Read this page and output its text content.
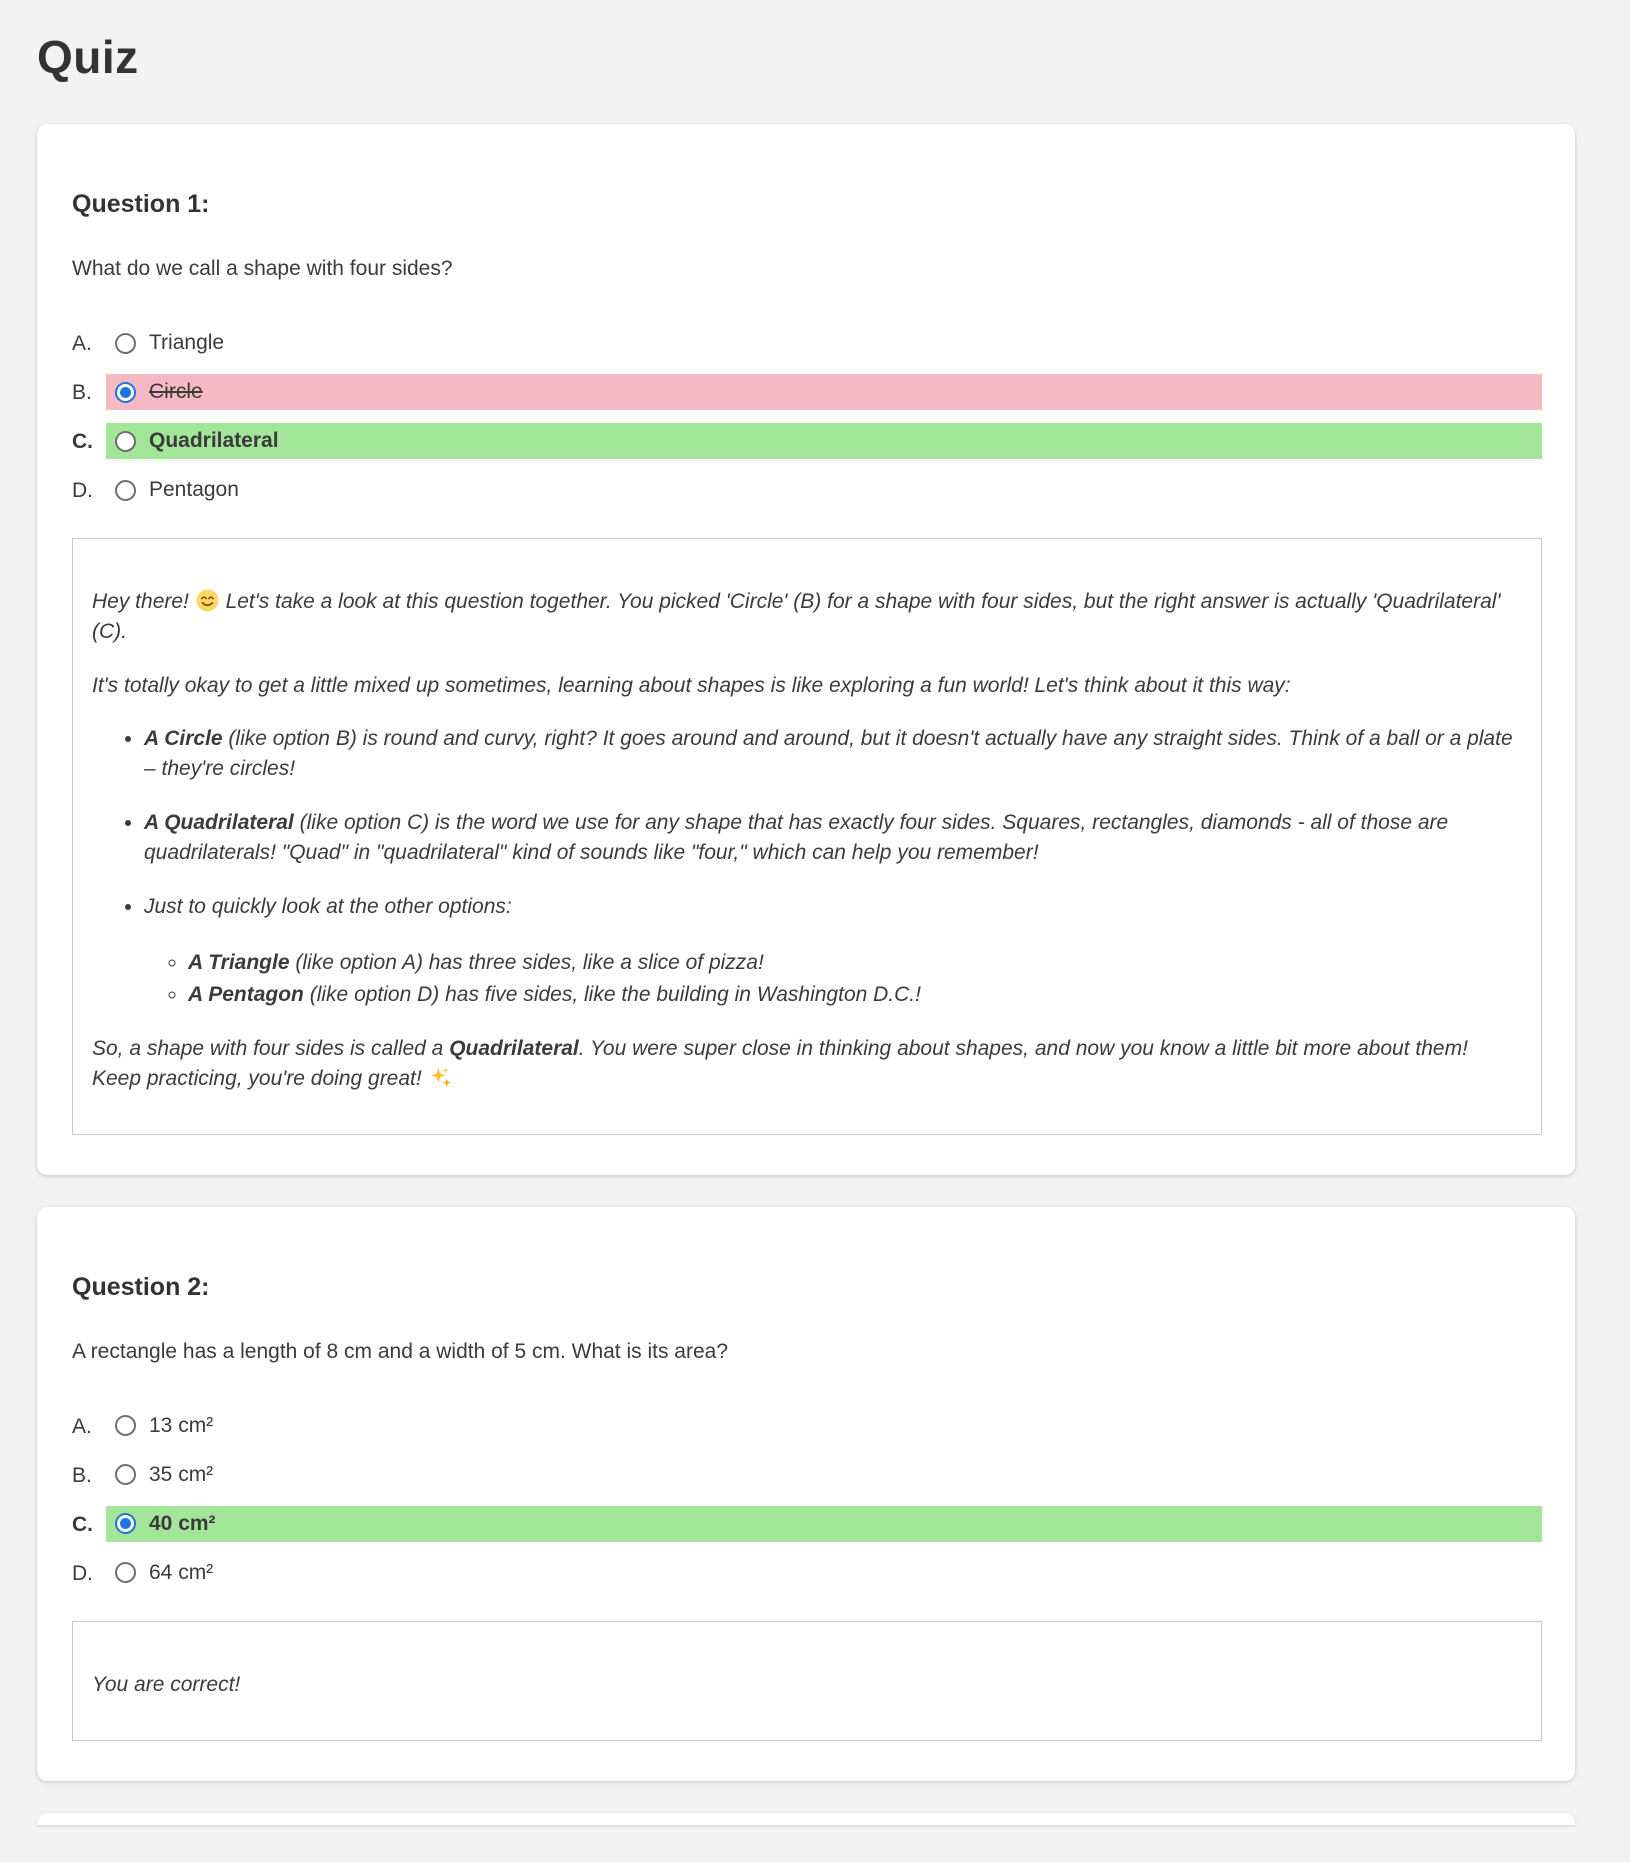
Quiz
Question 1:

What do we call a shape with four sides?

A.	Triangle
B.	Circle
C.	Quadrilateral
D.	Pentagon

Hey there! Let's take a look at this question together. You picked 'Circle' (B) for a shape with four sides, but the right answer is actually 'Quadrilateral' (C).

It's totally okay to get a little mixed up sometimes, learning about shapes is like exploring a fun world! Let's think about it this way:

• A Circle (like option B) is round and curvy, right? It goes around and around, but it doesn't actually have any straight sides. Think of a ball or a plate – they're circles!
• A Quadrilateral (like option C) is the word we use for any shape that has exactly four sides. Squares, rectangles, diamonds - all of those are quadrilaterals! "Quad" in "quadrilateral" kind of sounds like "four," which can help you remember!
• Just to quickly look at the other options:
◦ A Triangle (like option A) has three sides, like a slice of pizza!
◦ A Pentagon (like option D) has five sides, like the building in Washington D.C.!

So, a shape with four sides is called a Quadrilateral. You were super close in thinking about shapes, and now you know a little bit more about them! Keep practicing, you're doing great!

Question 2:

A rectangle has a length of 8 cm and a width of 5 cm. What is its area?

A.	13 cm²
B.	35 cm²
C.	40 cm²
D.	64 cm²

You are correct!
